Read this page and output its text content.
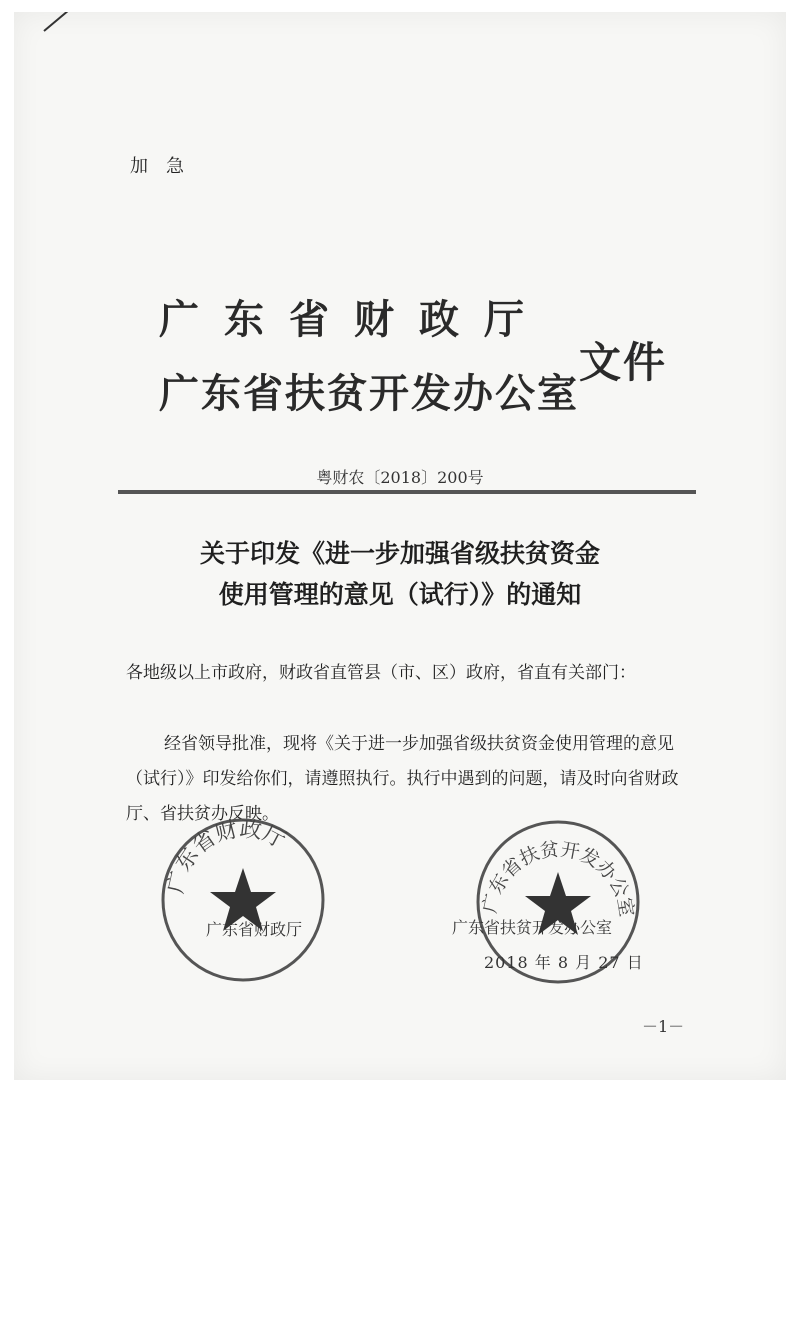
加急
广东省财政厅
广东省扶贫开发办公室
文件
粤财农〔2018〕200号
关于印发《进一步加强省级扶贫资金
使用管理的意见（试行）》的通知
各地级以上市政府，财政省直管县（市、区）政府，省直有关部门：
经省领导批准，现将《关于进一步加强省级扶贫资金使用管理的意见（试行）》印发给你们，请遵照执行。执行中遇到的问题，请及时向省财政厅、省扶贫办反映。
广东省财政厅
广东省扶贫开发办公室
广东省财政厅	广东省扶贫开发办公室
2018 年 8 月 27 日
－1－
